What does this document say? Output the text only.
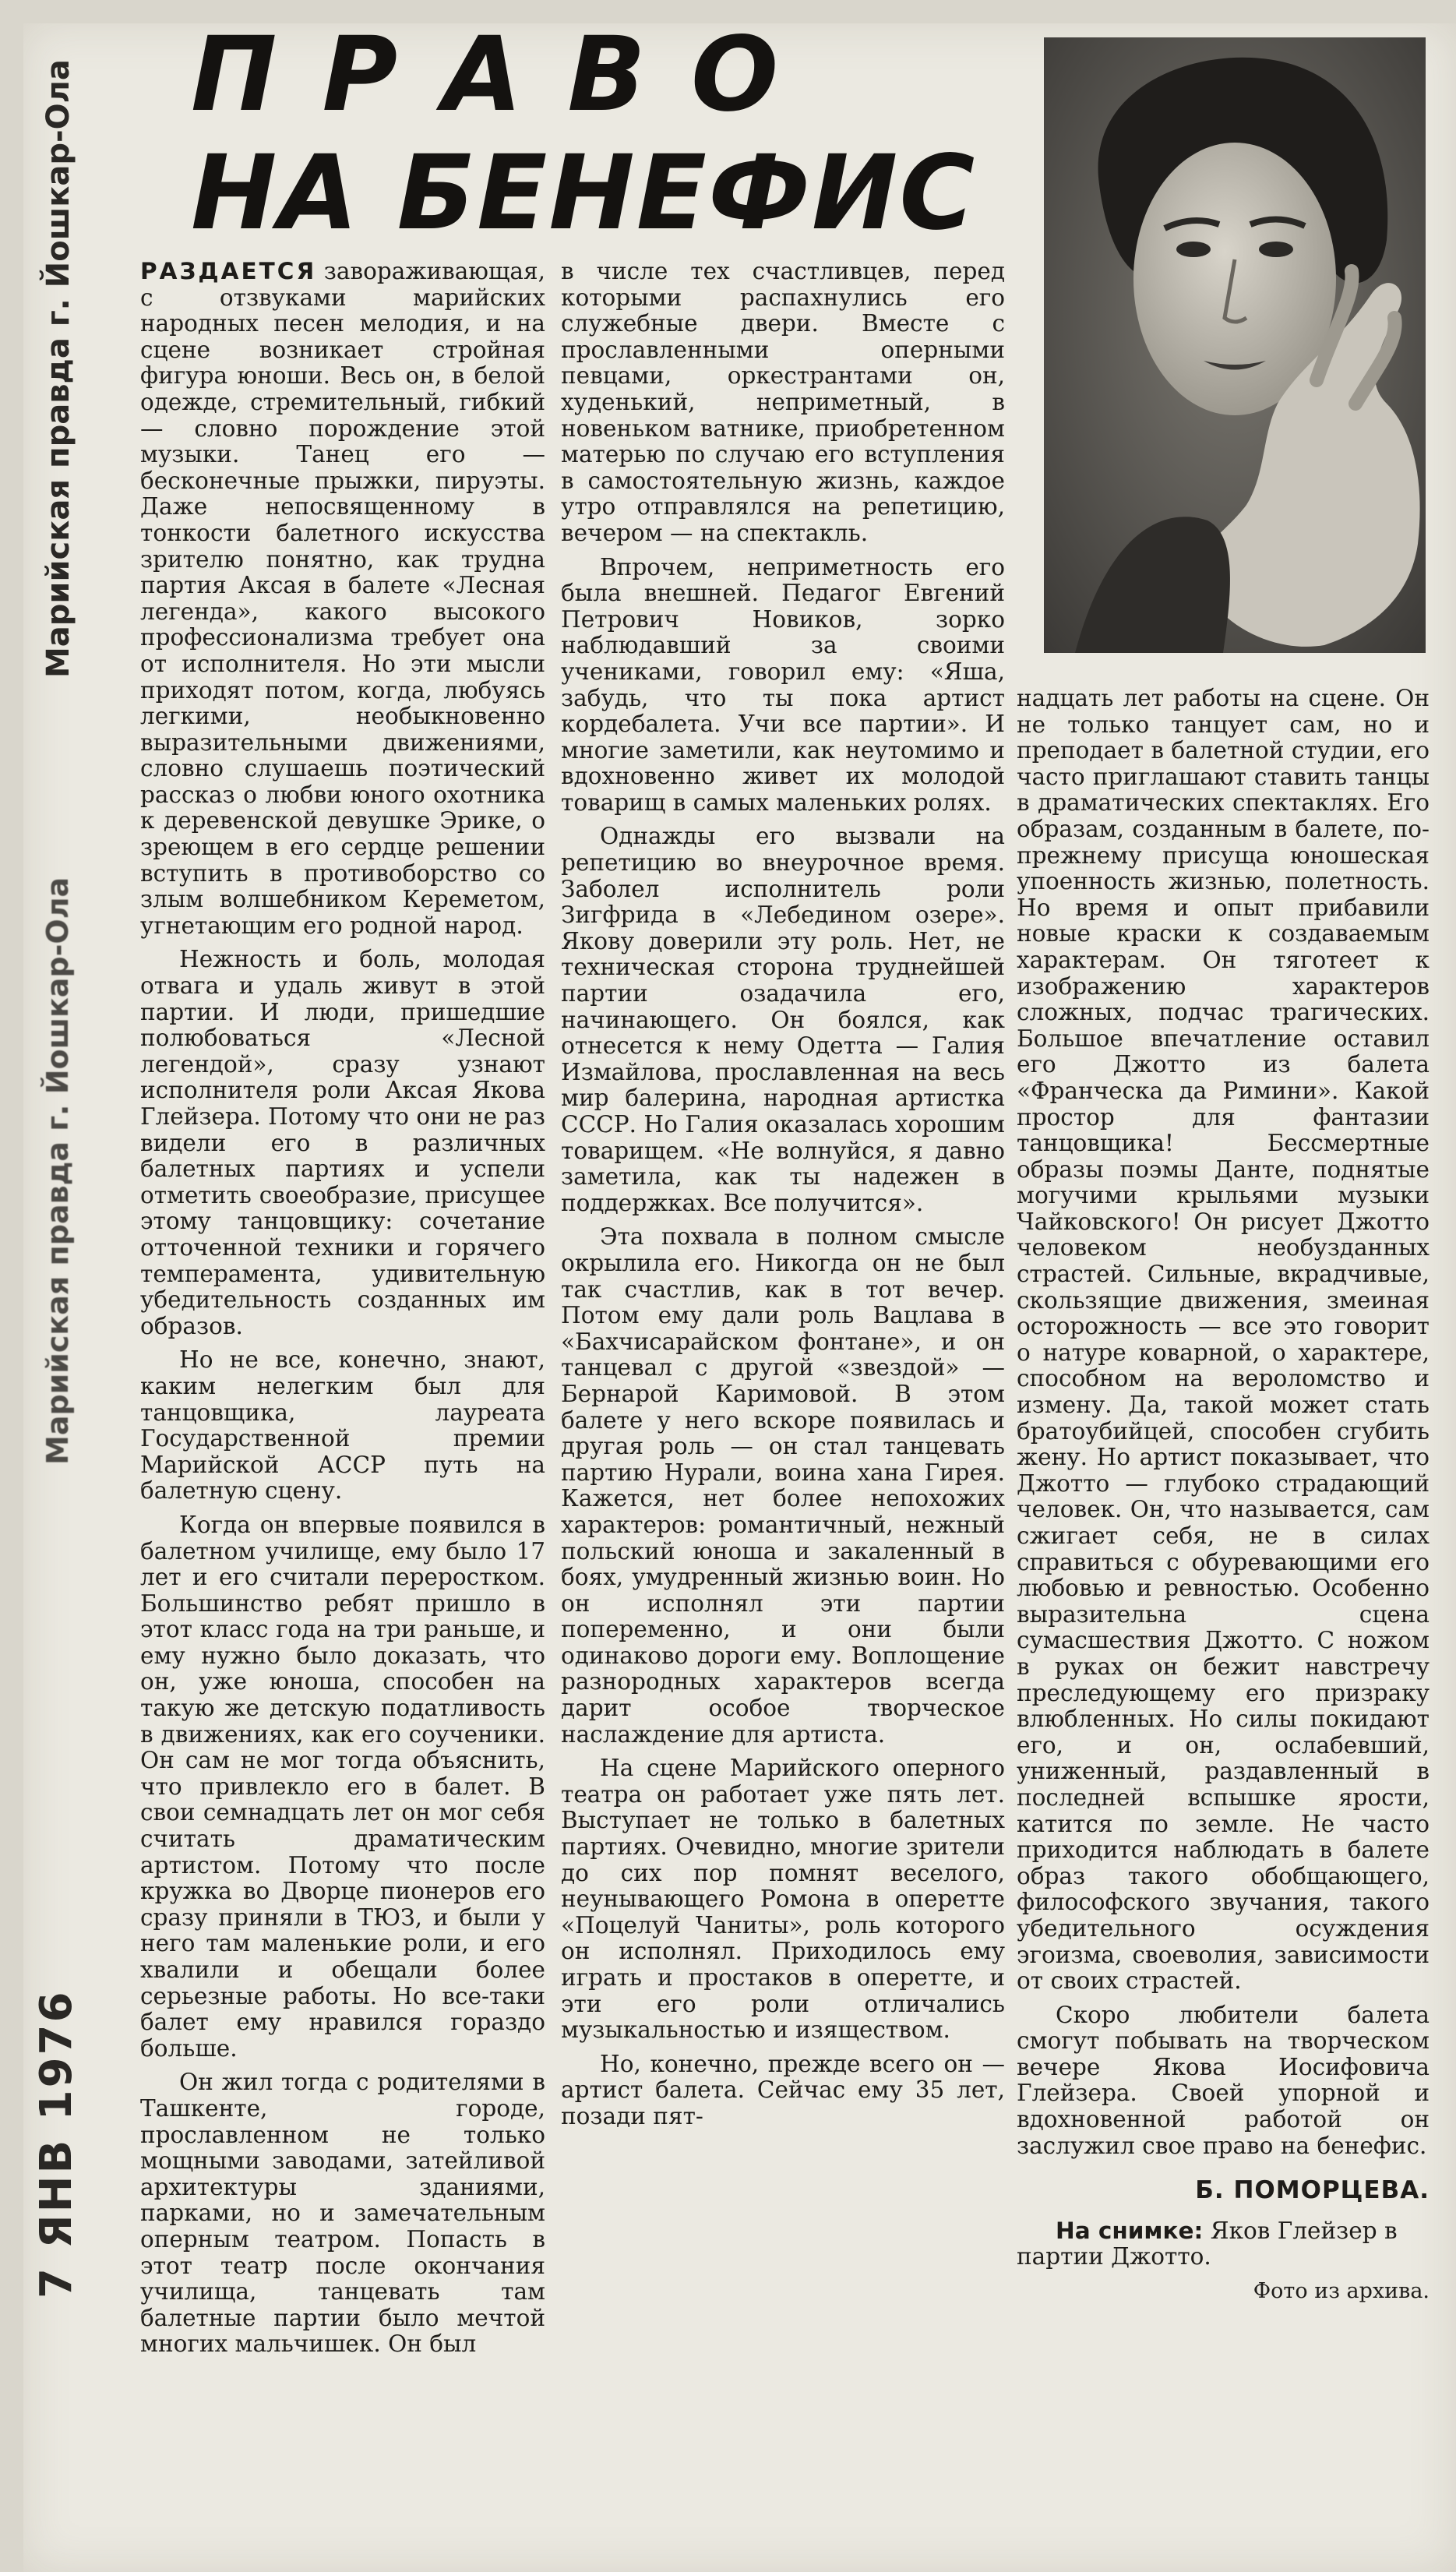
Марийская правда г. Йошкар-Ола
Марийская правда г. Йошкар-Ола
7 ЯНВ 1976
ПРАВО
НА БЕНЕФИС

РАЗДАЕТСЯ завораживающая, с отзвуками марийских народных песен мелодия, и на сцене возникает стройная фигура юноши. Весь он, в белой одежде, стремительный, гибкий — словно порождение этой музыки. Танец его — бесконечные прыжки, пируэты. Даже непосвященному в тонкости балетного искусства зрителю понятно, как трудна партия Аксая в балете «Лесная легенда», какого высокого профессионализма требует она от исполнителя. Но эти мысли приходят потом, когда, любуясь легкими, необыкновенно выразительными движениями, словно слушаешь поэтический рассказ о любви юного охотника к деревенской девушке Эрике, о зреющем в его сердце решении вступить в противоборство со злым волшебником Кереметом, угнетающим его родной народ.

Нежность и боль, молодая отвага и удаль живут в этой партии. И люди, пришедшие полюбоваться «Лесной легендой», сразу узнают исполнителя роли Аксая Якова Глейзера. Потому что они не раз видели его в различных балетных партиях и успели отметить своеобразие, присущее этому танцовщику: сочетание отточенной техники и горячего темперамента, удивительную убедительность созданных им образов.

Но не все, конечно, знают, каким нелегким был для танцовщика, лауреата Государственной премии Марийской АССР путь на балетную сцену.

Когда он впервые появился в балетном училище, ему было 17 лет и его считали переростком. Большинство ребят пришло в этот класс года на три раньше, и ему нужно было доказать, что он, уже юноша, способен на такую же детскую податливость в движениях, как его соученики. Он сам не мог тогда объяснить, что привлекло его в балет. В свои семнадцать лет он мог себя считать драматическим артистом. Потому что после кружка во Дворце пионеров его сразу приняли в ТЮЗ, и были у него там маленькие роли, и его хвалили и обещали более серьезные работы. Но все-таки балет ему нравился гораздо больше.

Он жил тогда с родителями в Ташкенте, городе, прославленном не только мощными заводами, затейливой архитектуры зданиями, парками, но и замечательным оперным театром. Попасть в этот театр после окончания училища, танцевать там балетные партии было мечтой многих мальчишек. Он был

в числе тех счастливцев, перед которыми распахнулись его служебные двери. Вместе с прославленными оперными певцами, оркестрантами он, худенький, неприметный, в новеньком ватнике, приобретенном матерью по случаю его вступления в самостоятельную жизнь, каждое утро отправлялся на репетицию, вечером — на спектакль.

Впрочем, неприметность его была внешней. Педагог Евгений Петрович Новиков, зорко наблюдавший за своими учениками, говорил ему: «Яша, забудь, что ты пока артист кордебалета. Учи все партии». И многие заметили, как неутомимо и вдохновенно живет их молодой товарищ в самых маленьких ролях.

Однажды его вызвали на репетицию во внеурочное время. Заболел исполнитель роли Зигфрида в «Лебедином озере». Якову доверили эту роль. Нет, не техническая сторона труднейшей партии озадачила его, начинающего. Он боялся, как отнесется к нему Одетта — Галия Измайлова, прославленная на весь мир балерина, народная артистка СССР. Но Галия оказалась хорошим товарищем. «Не волнуйся, я давно заметила, как ты надежен в поддержках. Все получится».

Эта похвала в полном смысле окрылила его. Никогда он не был так счастлив, как в тот вечер. Потом ему дали роль Вацлава в «Бахчисарайском фонтане», и он танцевал с другой «звездой» — Бернарой Каримовой. В этом балете у него вскоре появилась и другая роль — он стал танцевать партию Нурали, воина хана Гирея. Кажется, нет более непохожих характеров: романтичный, нежный польский юноша и закаленный в боях, умудренный жизнью воин. Но он исполнял эти партии попеременно, и они были одинаково дороги ему. Воплощение разнородных характеров всегда дарит особое творческое наслаждение для артиста.

На сцене Марийского оперного театра он работает уже пять лет. Выступает не только в балетных партиях. Очевидно, многие зрители до сих пор помнят веселого, неунывающего Ромона в оперетте «Поцелуй Чаниты», роль которого он исполнял. Приходилось ему играть и простаков в оперетте, и эти его роли отличались музыкальностью и изяществом.

Но, конечно, прежде всего он — артист балета. Сейчас ему 35 лет, позади пят-

надцать лет работы на сцене. Он не только танцует сам, но и преподает в балетной студии, его часто приглашают ставить танцы в драматических спектаклях. Его образам, созданным в балете, по-прежнему присуща юношеская упоенность жизнью, полетность. Но время и опыт прибавили новые краски к создаваемым характерам. Он тяготеет к изображению характеров сложных, подчас трагических. Большое впечатление оставил его Джотто из балета «Франческа да Римини». Какой простор для фантазии танцовщика! Бессмертные образы поэмы Данте, поднятые могучими крыльями музыки Чайковского! Он рисует Джотто человеком необузданных страстей. Сильные, вкрадчивые, скользящие движения, змеиная осторожность — все это говорит о натуре коварной, о характере, способном на вероломство и измену. Да, такой может стать братоубийцей, способен сгубить жену. Но артист показывает, что Джотто — глубоко страдающий человек. Он, что называется, сам сжигает себя, не в силах справиться с обуревающими его любовью и ревностью. Особенно выразительна сцена сумасшествия Джотто. С ножом в руках он бежит навстречу преследующему его призраку влюбленных. Но силы покидают его, и он, ослабевший, униженный, раздавленный в последней вспышке ярости, катится по земле. Не часто приходится наблюдать в балете образ такого обобщающего, философского звучания, такого убедительного осуждения эгоизма, своеволия, зависимости от своих страстей.

Скоро любители балета смогут побывать на творческом вечере Якова Иосифовича Глейзера. Своей упорной и вдохновенной работой он заслужил свое право на бенефис.

Б. ПОМОРЦЕВА.

На снимке: Яков Глейзер в партии Джотто.

Фото из архива.
